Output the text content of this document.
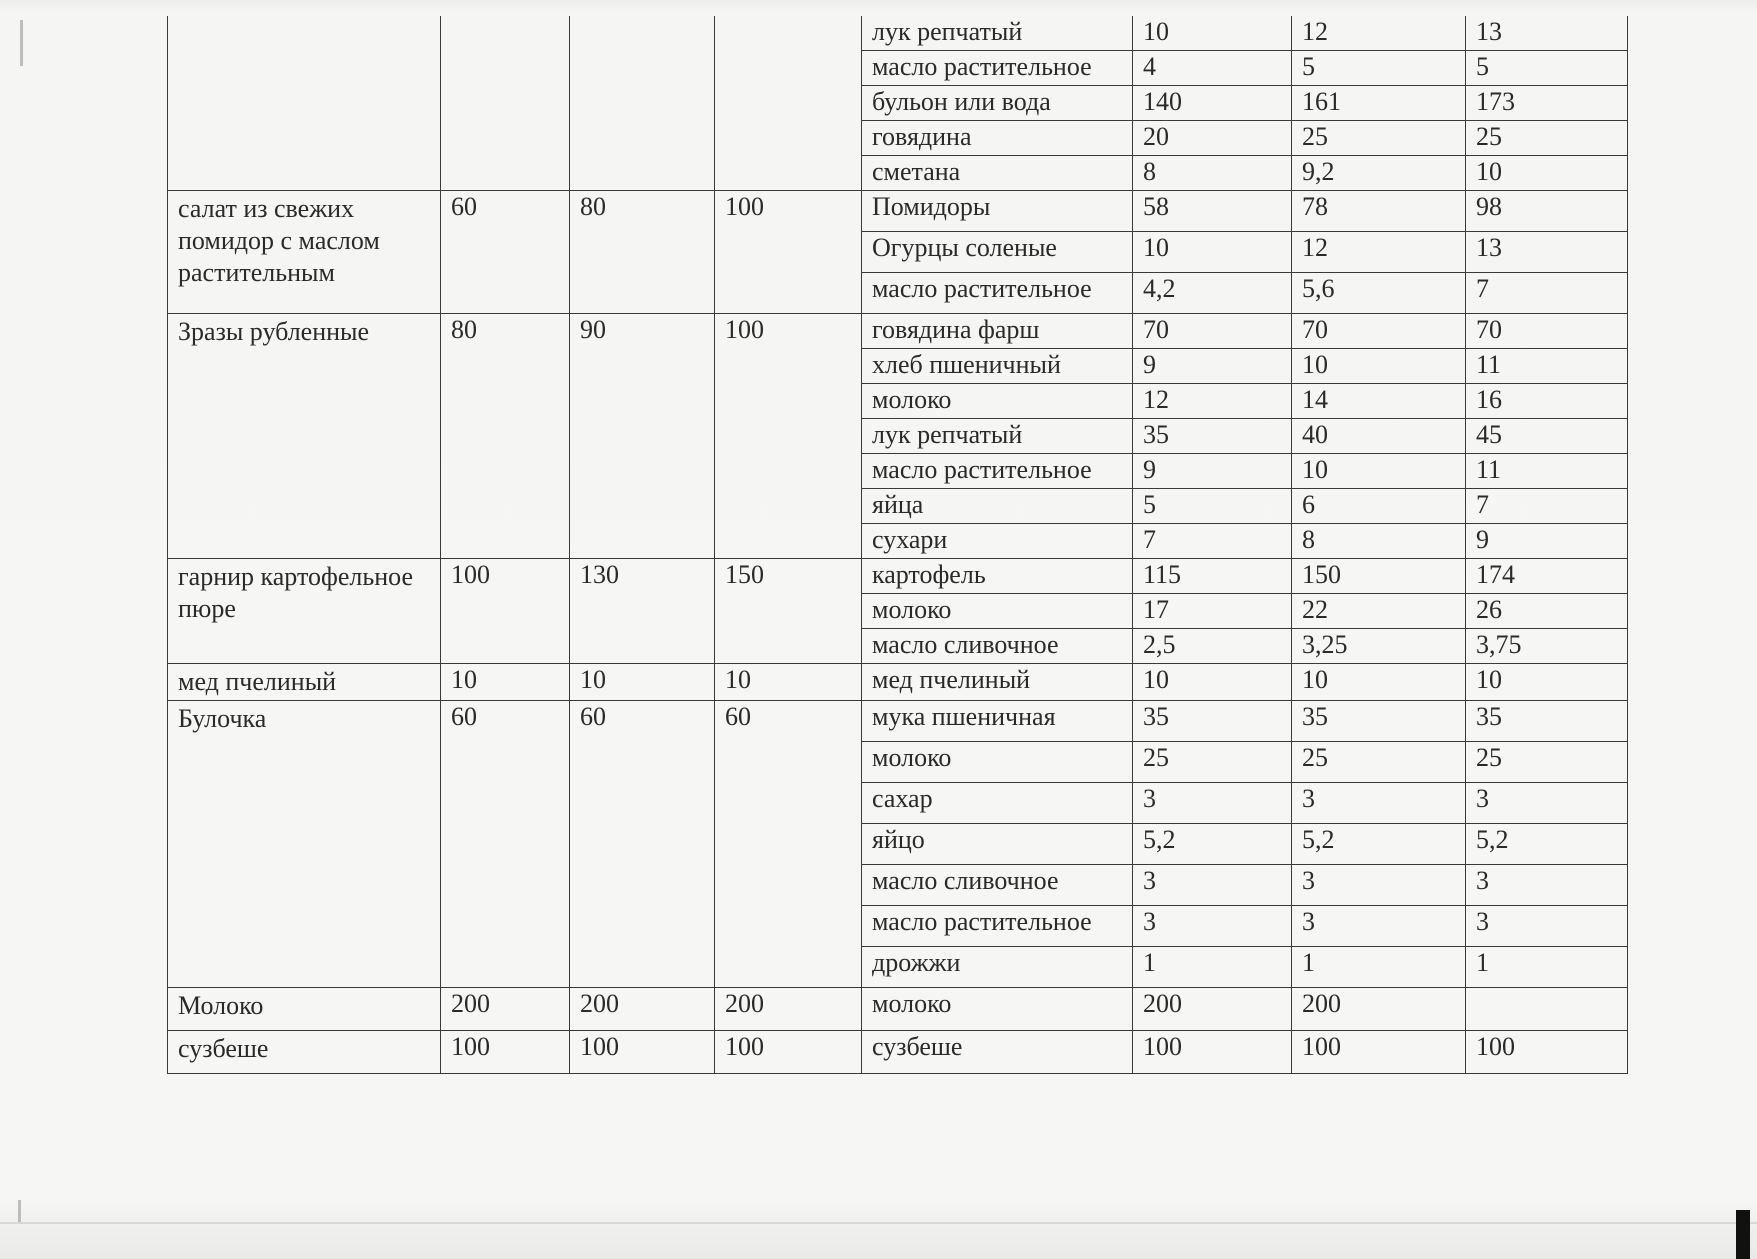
				лук репчатый	10	12	13
				масло растительное	4	5	5
				бульон или вода	140	161	173
				говядина	20	25	25
				сметана	8	9,2	10
салат из свежих помидор с маслом растительным	60	80	100	Помидоры	58	78	98
				Огурцы соленые	10	12	13
				масло растительное	4,2	5,6	7
Зразы рубленные	80	90	100	говядина фарш	70	70	70
				хлеб пшеничный	9	10	11
				молоко	12	14	16
				лук репчатый	35	40	45
				масло растительное	9	10	11
				яйца	5	6	7
				сухари	7	8	9
гарнир картофельное пюре	100	130	150	картофель	115	150	174
				молоко	17	22	26
				масло сливочное	2,5	3,25	3,75
мед пчелиный	10	10	10	мед пчелиный	10	10	10
Булочка	60	60	60	мука пшеничная	35	35	35
				молоко	25	25	25
				сахар	3	3	3
				яйцо	5,2	5,2	5,2
				масло сливочное	3	3	3
				масло растительное	3	3	3
				дрожжи	1	1	1
Молоко	200	200	200	молоко	200	200	
сузбеше	100	100	100	сузбеше	100	100	100
